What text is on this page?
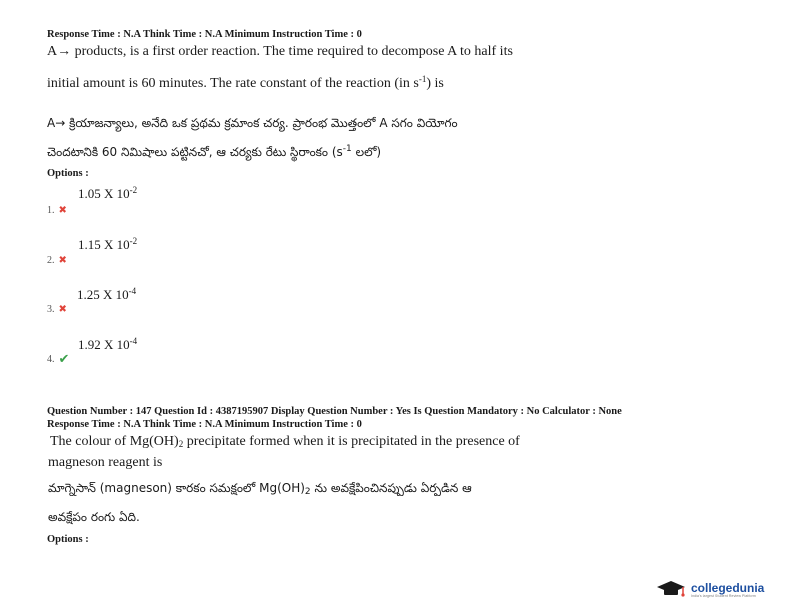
Response Time : N.A Think Time : N.A Minimum Instruction Time : 0
A→ products, is a first order reaction. The time required to decompose A to half its
initial amount is 60 minutes. The rate constant of the reaction (in $s^{-1}$) is
A→ క్రియాజన్యాలు, అనేది ఒక ప్రథమ క్రమాంక చర్య. ప్రారంభ మొత్తంలో A సగం వియోగం
చెందటానికి 60 నిమిషాలు పట్టినచో, ఆ చర్యకు రేటు స్థిరాంకం ($s^{-1}$ లలో)
Options :
1.05 X $10^{-2}$
1. ✖
1.15 X $10^{-2}$
2. ✖
1.25 X $10^{-4}$
3. ✖
1.92 X $10^{-4}$
4. ✔
Question Number : 147 Question Id : 4387195907 Display Question Number : Yes Is Question Mandatory : No Calculator : None
Response Time : N.A Think Time : N.A Minimum Instruction Time : 0
The colour of $Mg(OH)_2$ precipitate formed when it is precipitated in the presence of
magneson reagent is
మాగ్నెసాన్ (magneson) కారకం సమక్షంలో $Mg(OH)_2$ ను అవక్షేపించినప్పుడు ఏర్పడిన ఆ
అవక్షేపం రంగు ఏది.
Options :
collegedunia
India's largest Student Review Platform
